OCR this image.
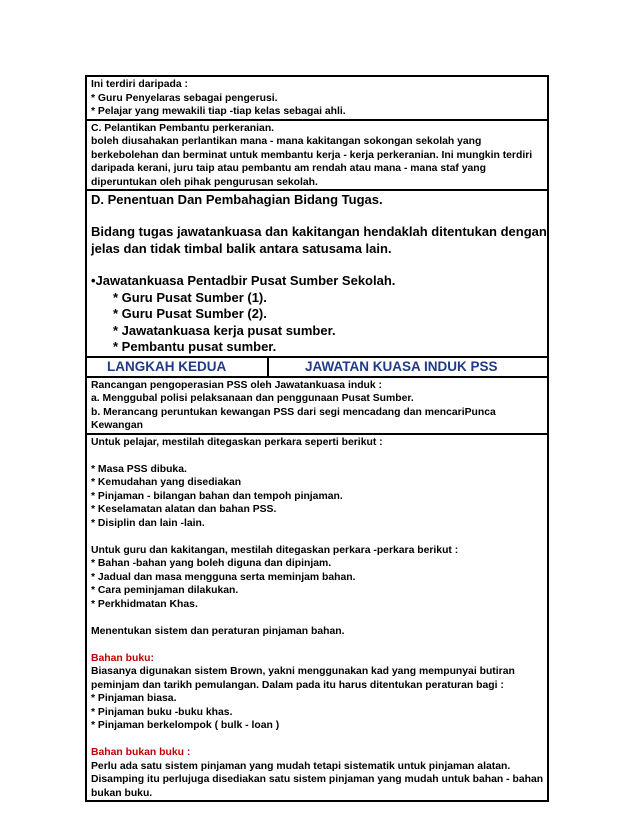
Ini terdiri daripada :
* Guru Penyelaras sebagai pengerusi.
* Pelajar yang mewakili tiap -tiap kelas sebagai ahli.
C. Pelantikan Pembantu perkeranian.
boleh diusahakan perlantikan mana - mana kakitangan sokongan sekolah yang
berkebolehan dan berminat untuk membantu kerja - kerja perkeranian. Ini mungkin terdiri
daripada kerani, juru taip atau pembantu am rendah atau mana - mana staf yang
diperuntukan oleh pihak pengurusan sekolah.
D. Penentuan Dan Pembahagian Bidang Tugas.
Bidang tugas jawatankuasa dan kakitangan hendaklah ditentukan dengan
jelas dan tidak timbal balik antara satusama lain.
•Jawatankuasa Pentadbir Pusat Sumber Sekolah.
* Guru Pusat Sumber (1).
* Guru Pusat Sumber (2).
* Jawatankuasa kerja pusat sumber.
* Pembantu pusat sumber.
LANGKAH KEDUA	JAWATAN KUASA INDUK PSS
Rancangan pengoperasian PSS oleh Jawatankuasa induk :
a. Menggubal polisi pelaksanaan dan penggunaan Pusat Sumber.
b. Merancang peruntukan kewangan PSS dari segi mencadang dan mencariPunca
Kewangan
Untuk pelajar, mestilah ditegaskan perkara seperti berikut :
* Masa PSS dibuka.
* Kemudahan yang disediakan
* Pinjaman - bilangan bahan dan tempoh pinjaman.
* Keselamatan alatan dan bahan PSS.
* Disiplin dan lain -lain.
Untuk guru dan kakitangan, mestilah ditegaskan perkara -perkara berikut :
* Bahan -bahan yang boleh diguna dan dipinjam.
* Jadual dan masa mengguna serta meminjam bahan.
* Cara peminjaman dilakukan.
* Perkhidmatan Khas.
Menentukan sistem dan peraturan pinjaman bahan.
Bahan buku:
Biasanya digunakan sistem Brown, yakni menggunakan kad yang mempunyai butiran
peminjam dan tarikh pemulangan. Dalam pada itu harus ditentukan peraturan bagi :
* Pinjaman biasa.
* Pinjaman buku -buku khas.
* Pinjaman berkelompok ( bulk - loan )
Bahan bukan buku :
Perlu ada satu sistem pinjaman yang mudah tetapi sistematik untuk pinjaman alatan.
Disamping itu perlujuga disediakan satu sistem pinjaman yang mudah untuk bahan - bahan
bukan buku.
